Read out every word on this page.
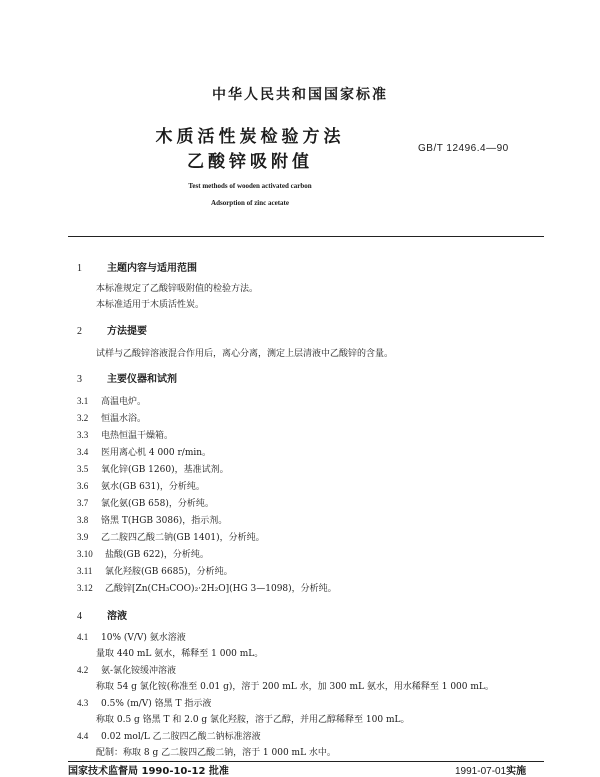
中华人民共和国国家标准
木质活性炭检验方法
乙酸锌吸附值
GB/T 12496.4—90
Test methods of wooden activated carbon
Adsorption of zinc acetate
1	主题内容与适用范围
本标准规定了乙酸锌吸附值的检验方法。
本标准适用于木质活性炭。
2	方法提要
试样与乙酸锌溶液混合作用后，离心分离，测定上层清液中乙酸锌的含量。
3	主要仪器和试剂
3.1 高温电炉。
3.2 恒温水浴。
3.3 电热恒温干燥箱。
3.4 医用离心机 4 000 r/min。
3.5 氧化锌(GB 1260)，基准试剂。
3.6 氨水(GB 631)，分析纯。
3.7 氯化氨(GB 658)，分析纯。
3.8 铬黑 T(HGB 3086)，指示剂。
3.9 乙二胺四乙酸二钠(GB 1401)，分析纯。
3.10 盐酸(GB 622)，分析纯。
3.11 氯化羟胺(GB 6685)，分析纯。
3.12 乙酸锌[Zn(CH₃COO)₂·2H₂O](HG 3—1098)，分析纯。
4	溶液
4.1 10% (V/V) 氨水溶液
量取 440 mL 氨水，稀释至 1 000 mL。
4.2 氨-氯化铵缓冲溶液
称取 54 g 氯化铵(称准至 0.01 g)，溶于 200 mL 水，加 300 mL 氨水，用水稀释至 1 000 mL。
4.3 0.5% (m/V) 铬黑 T 指示液
称取 0.5 g 铬黑 T 和 2.0 g 氯化羟胺，溶于乙醇，并用乙醇稀释至 100 mL。
4.4 0.02 mol/L 乙二胺四乙酸二钠标准溶液
配制：称取 8 g 乙二胺四乙酸二钠，溶于 1 000 mL 水中。
国家技术监督局 1990-10-12 批准	1991-07-01实施
